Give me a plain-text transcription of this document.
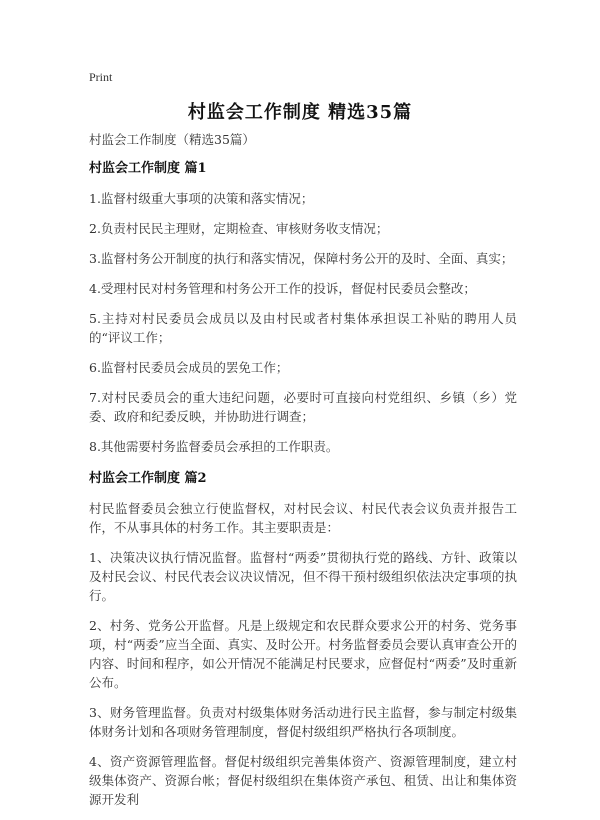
Print
村监会工作制度 精选35篇

村监会工作制度（精选35篇）

村监会工作制度 篇1

1.监督村级重大事项的决策和落实情况；

2.负责村民民主理财，定期检查、审核财务收支情况；

3.监督村务公开制度的执行和落实情况，保障村务公开的及时、全面、真实；

4.受理村民对村务管理和村务公开工作的投诉，督促村民委员会整改；

5.主持对村民委员会成员以及由村民或者村集体承担误工补贴的聘用人员的“评议工作；

6.监督村民委员会成员的罢免工作；

7.对村民委员会的重大违纪问题，必要时可直接向村党组织、乡镇（乡）党委、政府和纪委反映，并协助进行调查；

8.其他需要村务监督委员会承担的工作职责。

村监会工作制度 篇2

村民监督委员会独立行使监督权，对村民会议、村民代表会议负责并报告工作，不从事具体的村务工作。其主要职责是：

1、决策决议执行情况监督。监督村“两委”贯彻执行党的路线、方针、政策以及村民会议、村民代表会议决议情况，但不得干预村级组织依法决定事项的执行。

2、村务、党务公开监督。凡是上级规定和农民群众要求公开的村务、党务事项，村“两委”应当全面、真实、及时公开。村务监督委员会要认真审查公开的内容、时间和程序，如公开情况不能满足村民要求，应督促村“两委”及时重新公布。

3、财务管理监督。负责对村级集体财务活动进行民主监督，参与制定村级集体财务计划和各项财务管理制度，督促村级组织严格执行各项制度。

4、资产资源管理监督。督促村级组织完善集体资产、资源管理制度，建立村级集体资产、资源台帐；督促村级组织在集体资产承包、租赁、出让和集体资源开发利
